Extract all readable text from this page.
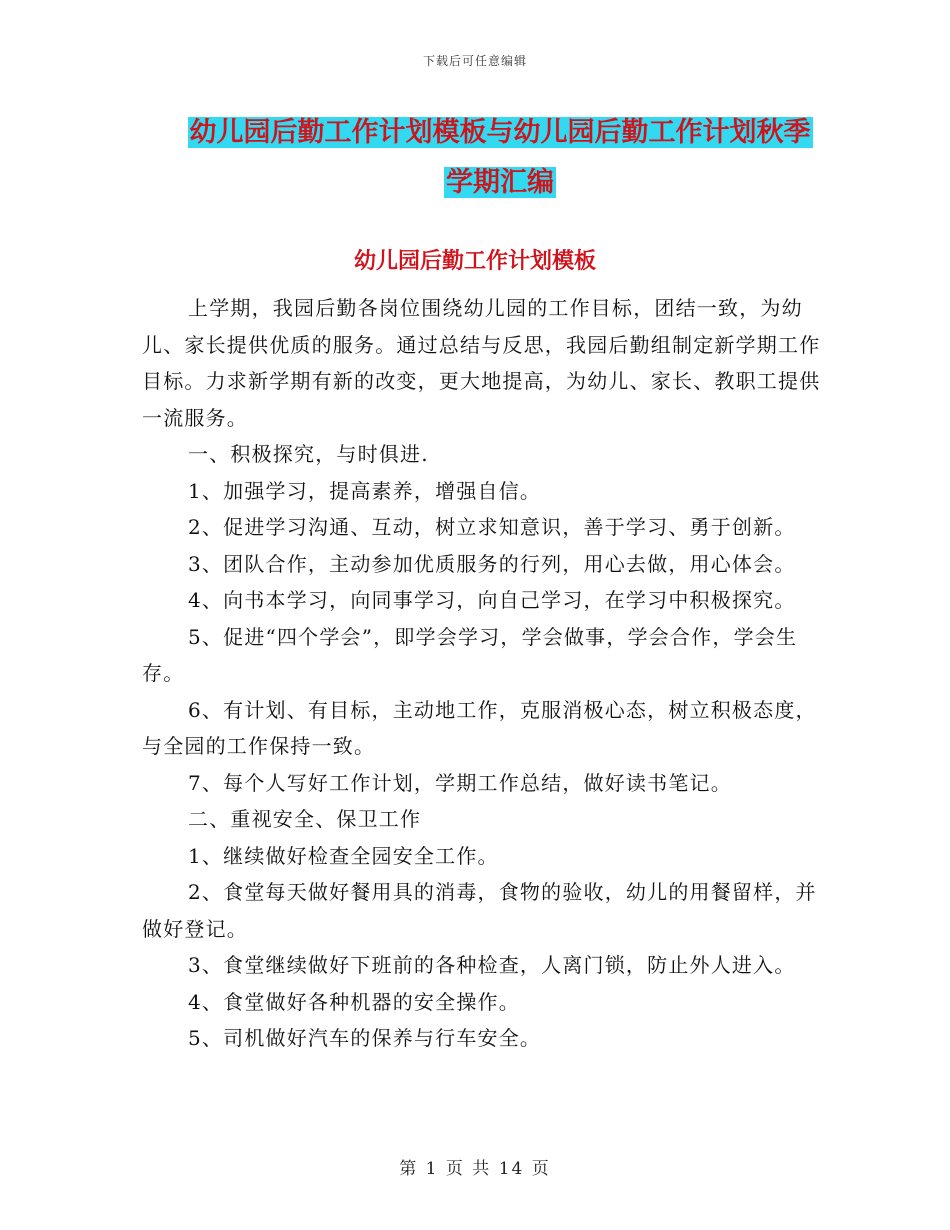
下载后可任意编辑
幼儿园后勤工作计划模板与幼儿园后勤工作计划秋季
学期汇编
幼儿园后勤工作计划模板

上学期，我园后勤各岗位围绕幼儿园的工作目标，团结一致，为幼儿、家长提供优质的服务。通过总结与反思，我园后勤组制定新学期工作目标。力求新学期有新的改变，更大地提高，为幼儿、家长、教职工提供一流服务。

一、积极探究，与时俱进.

1、加强学习，提高素养，增强自信。

2、促进学习沟通、互动，树立求知意识，善于学习、勇于创新。

3、团队合作，主动参加优质服务的行列，用心去做，用心体会。

4、向书本学习，向同事学习，向自己学习，在学习中积极探究。

5、促进“四个学会”，即学会学习，学会做事，学会合作，学会生存。

6、有计划、有目标，主动地工作，克服消极心态，树立积极态度，与全园的工作保持一致。

7、每个人写好工作计划，学期工作总结，做好读书笔记。

二、重视安全、保卫工作

1、继续做好检查全园安全工作。

2、食堂每天做好餐用具的消毒，食物的验收，幼儿的用餐留样，并做好登记。

3、食堂继续做好下班前的各种检查，人离门锁，防止外人进入。

4、食堂做好各种机器的安全操作。

5、司机做好汽车的保养与行车安全。

第 1 页 共 14 页
